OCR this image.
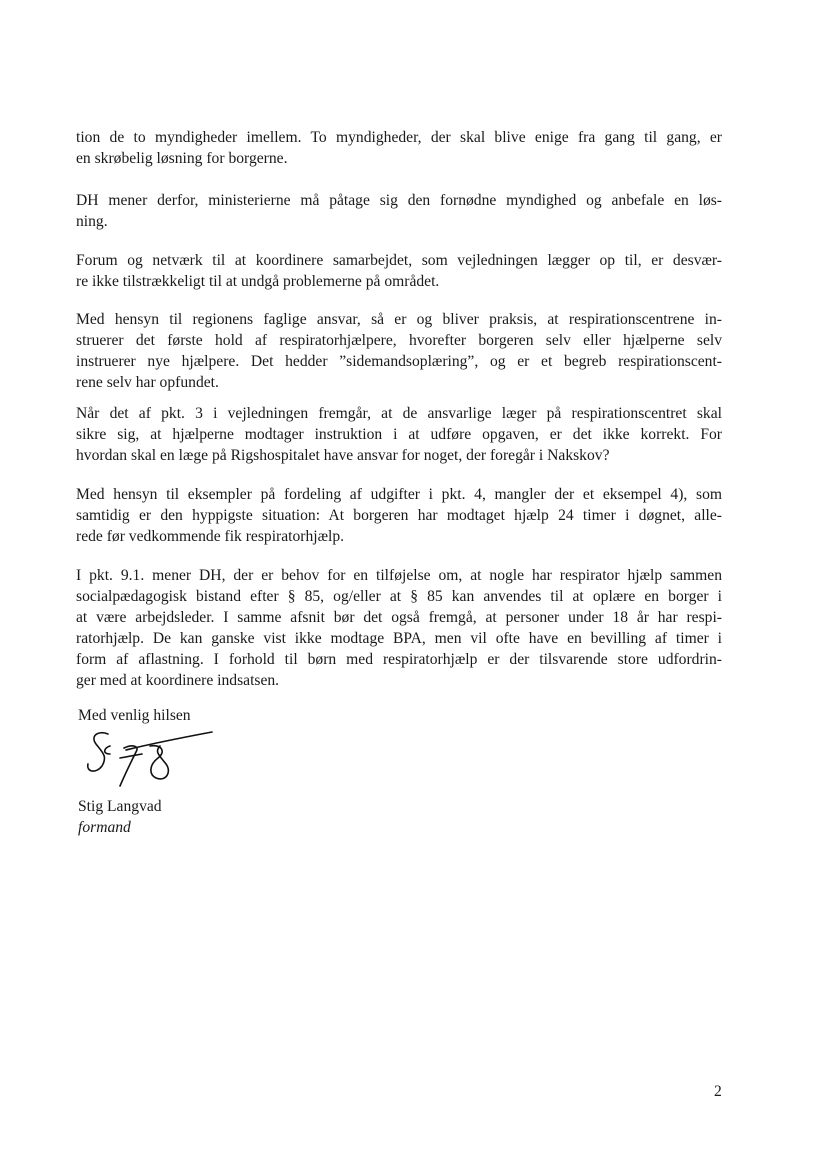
tion de to myndigheder imellem. To myndigheder, der skal blive enige fra gang til gang, er
en skrøbelig løsning for borgerne.

DH mener derfor, ministerierne må påtage sig den fornødne myndighed og anbefale en løs-
ning.

Forum og netværk til at koordinere samarbejdet, som vejledningen lægger op til, er desvær-
re ikke tilstrækkeligt til at undgå problemerne på området.

Med hensyn til regionens faglige ansvar, så er og bliver praksis, at respirationscentrene in-
struerer det første hold af respiratorhjælpere, hvorefter borgeren selv eller hjælperne selv
instruerer nye hjælpere. Det hedder ”sidemandsoplæring”, og er et begreb respirationscent-
rene selv har opfundet.

Når det af pkt. 3 i vejledningen fremgår, at de ansvarlige læger på respirationscentret skal
sikre sig, at hjælperne modtager instruktion i at udføre opgaven, er det ikke korrekt. For
hvordan skal en læge på Rigshospitalet have ansvar for noget, der foregår i Nakskov?

Med hensyn til eksempler på fordeling af udgifter i pkt. 4, mangler der et eksempel 4), som
samtidig er den hyppigste situation: At borgeren har modtaget hjælp 24 timer i døgnet, alle-
rede før vedkommende fik respiratorhjælp.

I pkt. 9.1. mener DH, der er behov for en tilføjelse om, at nogle har respirator hjælp sammen
socialpædagogisk bistand efter § 85, og/eller at § 85 kan anvendes til at oplære en borger i
at være arbejdsleder. I samme afsnit bør det også fremgå, at personer under 18 år har respi-
ratorhjælp. De kan ganske vist ikke modtage BPA, men vil ofte have en bevilling af timer i
form af aflastning. I forhold til børn med respiratorhjælp er der tilsvarende store udfordrin-
ger med at koordinere indsatsen.

Med venlig hilsen
Stig Langvad
formand
2
